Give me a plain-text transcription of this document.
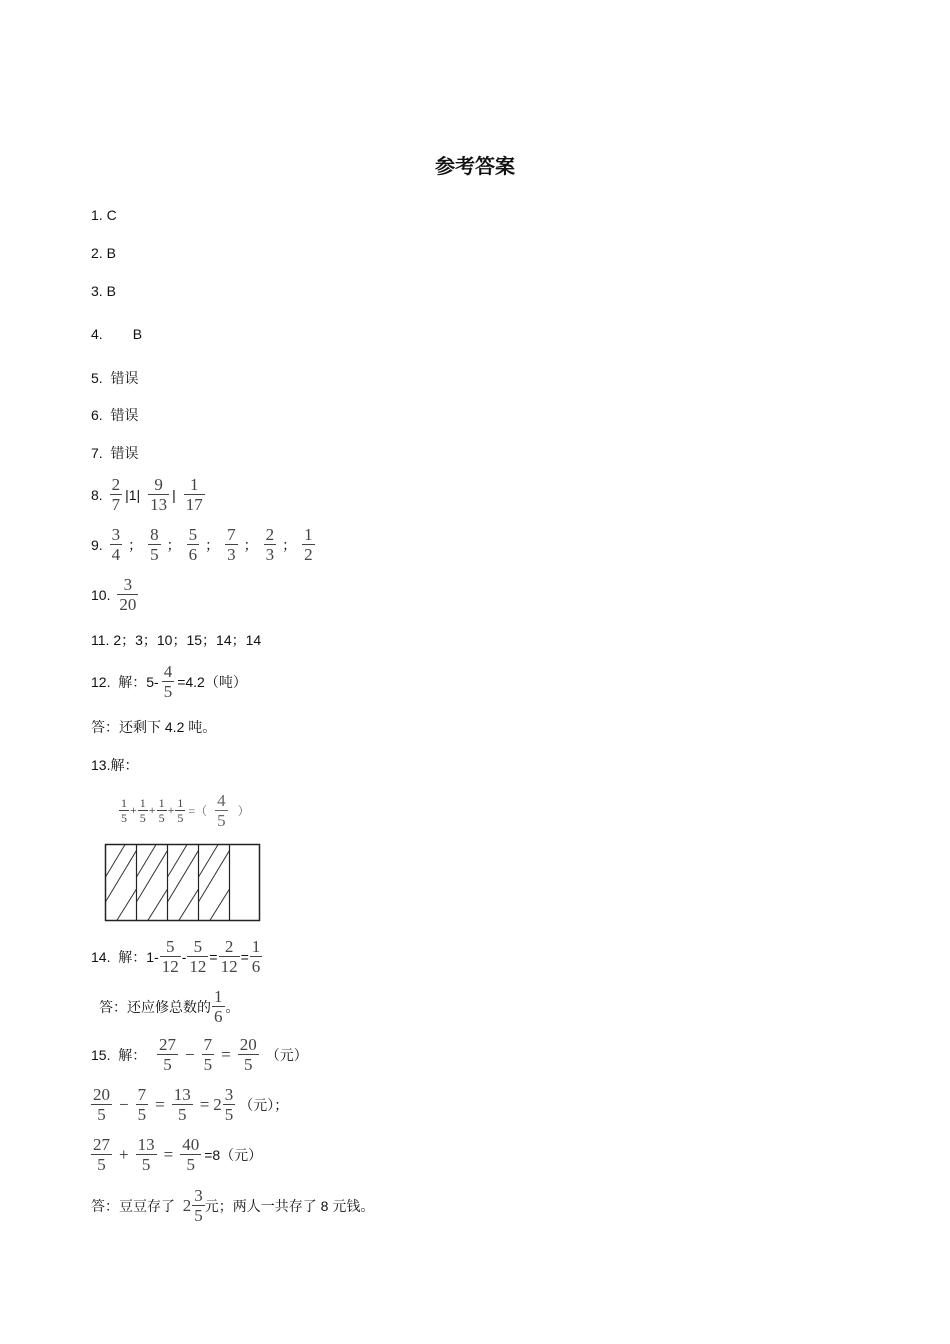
参考答案
1.
C
2.
B
3.
B
4. B
5.
错误
6.
错误
7.
错误
8.
$\frac{2}{7} |1| \frac{9}{13}$ | $\frac{1}{17}$
9.
$\frac{3}{4}$ ； $\frac{8}{5}$ ； $\frac{5}{6}$ ； $\frac{7}{3}$ ； $\frac{2}{3}$ ； $\frac{1}{2}$
10.
$\frac{3}{20}$
11. 2；3；10；15；14；14
12.
解：$5- \frac{4}{5} =4.2$（吨）
答：还剩下 4.2 吨。
13.解：
$\frac{1}{5} + \frac{1}{5} + \frac{1}{5} + \frac{1}{5}$ =（ $\frac{4}{5}$ ）
14.
解：$1- \frac{5}{12} - \frac{5}{12} = \frac{2}{12} = \frac{1}{6}$
答：还应修总数的 $\frac{1}{6}$ 。
15.
解：
$\frac{27}{5} - \frac{7}{5} = \frac{20}{5}$ （元）
$\frac{20}{5} - \frac{7}{5} = \frac{13}{5} = 2 \frac{3}{5}$ （元）；
$\frac{27}{5} + \frac{13}{5} = \frac{40}{5} =8$（元）
答：豆豆存了
$2 \frac{3}{5}$ 元；两人一共存了 8 元钱。
